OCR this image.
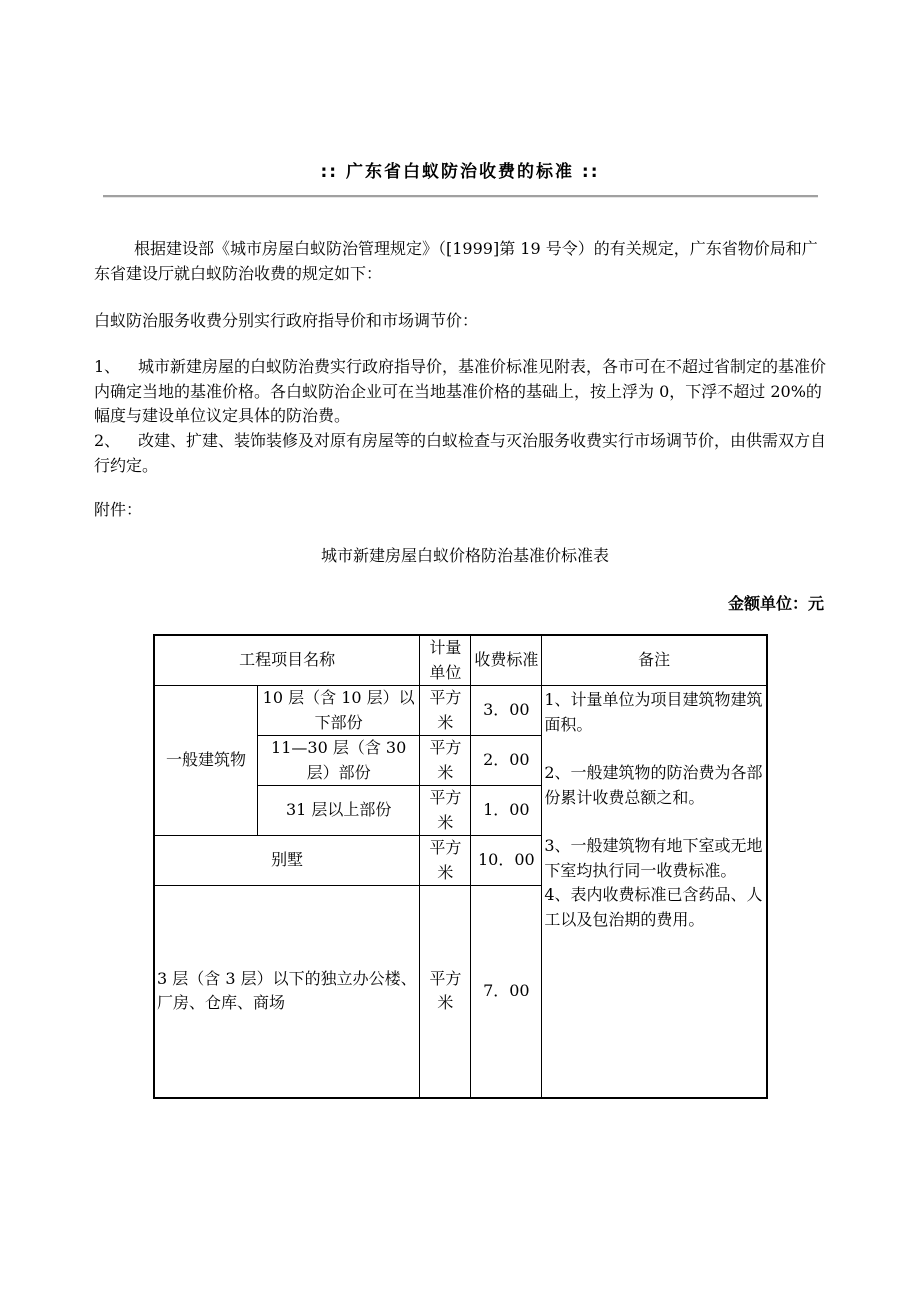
:: 广东省白蚁防治收费的标准 ::
根据建设部《城市房屋白蚁防治管理规定》（[1999]第 19 号令）的有关规定，广东省物价局和广东省建设厅就白蚁防治收费的规定如下：
白蚁防治服务收费分别实行政府指导价和市场调节价：
1、 城市新建房屋的白蚁防治费实行政府指导价，基准价标准见附表，各市可在不超过省制定的基准价内确定当地的基准价格。各白蚁防治企业可在当地基准价格的基础上，按上浮为 0，下浮不超过 20%的幅度与建设单位议定具体的防治费。
2、 改建、扩建、装饰装修及对原有房屋等的白蚁检查与灭治服务收费实行市场调节价，由供需双方自行约定。
附件：
城市新建房屋白蚁价格防治基准价标准表
金额单位：元
工程项目名称		计量单位	收费标准	备注
一般建筑物	10 层（含 10 层）以下部份	平方米	3．00	1、计量单位为项目建筑物建筑面积。

2、一般建筑物的防治费为各部份累计收费总额之和。

3、一般建筑物有地下室或无地下室均执行同一收费标准。

4、表内收费标准已含药品、人工以及包治期的费用。

	11—30 层（含 30 层）部份	平方米	2．00	
	31 层以上部份	平方米	1．00	
别墅		平方米	10．00	
3 层（含 3 层）以下的独立办公楼、厂房、仓库、商场		平方米	7．00	
